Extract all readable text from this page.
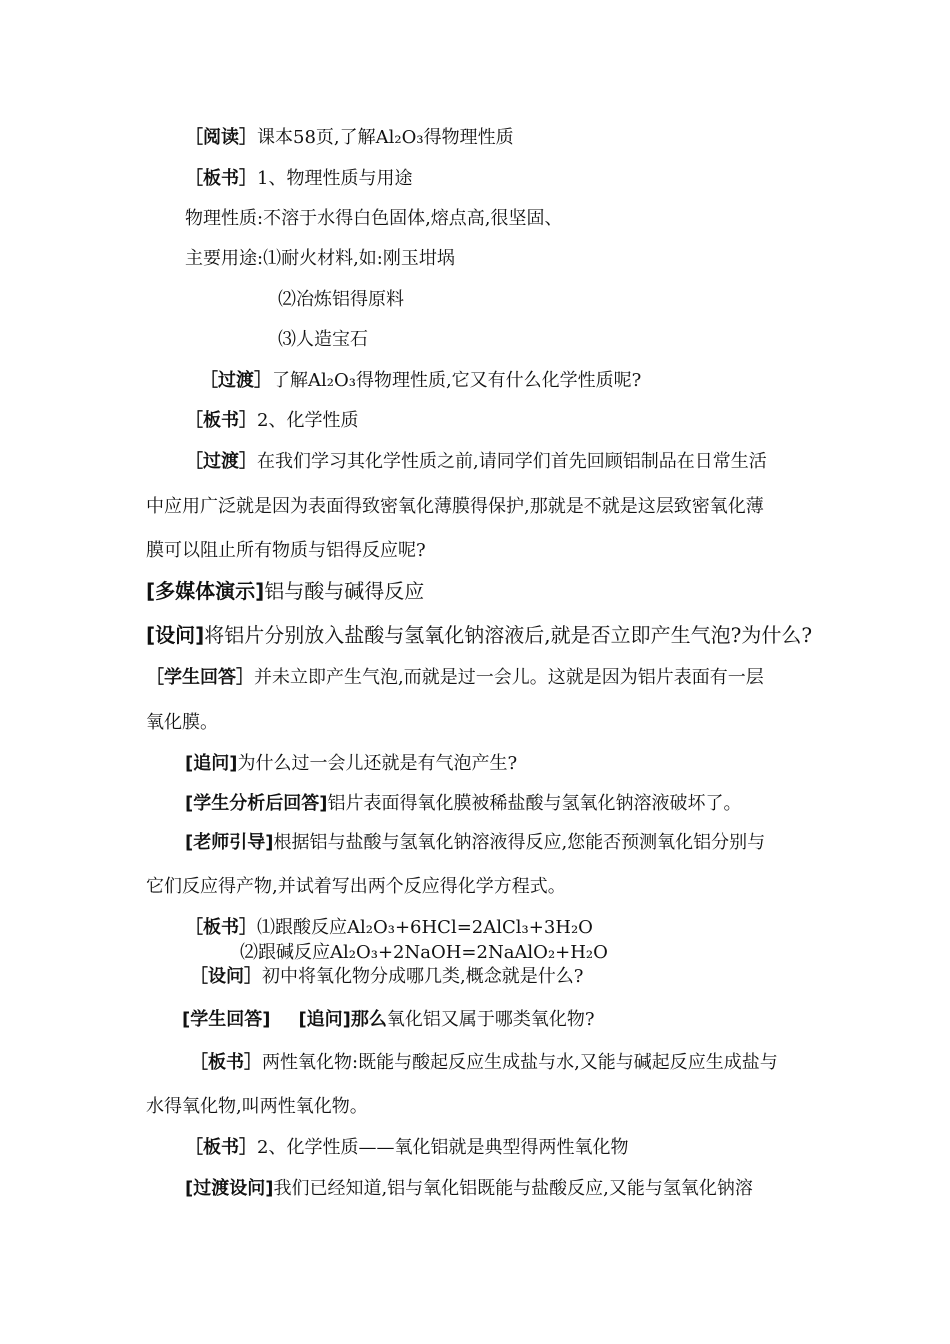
［阅读］课本58页,了解Al₂O₃得物理性质
［板书］1、物理性质与用途
物理性质:不溶于水得白色固体,熔点高,很坚固、
主要用途:⑴耐火材料,如:刚玉坩埚
⑵冶炼铝得原料
⑶人造宝石
［过渡］了解Al₂O₃得物理性质,它又有什么化学性质呢?
［板书］2、化学性质
［过渡］在我们学习其化学性质之前,请同学们首先回顾铝制品在日常生活
中应用广泛就是因为表面得致密氧化薄膜得保护,那就是不就是这层致密氧化薄
膜可以阻止所有物质与铝得反应呢?
[多媒体演示]铝与酸与碱得反应
[设问]将铝片分别放入盐酸与氢氧化钠溶液后,就是否立即产生气泡?为什么?
［学生回答］并未立即产生气泡,而就是过一会儿。这就是因为铝片表面有一层
氧化膜。
[追问]为什么过一会儿还就是有气泡产生?
[学生分析后回答]铝片表面得氧化膜被稀盐酸与氢氧化钠溶液破坏了。
[老师引导]根据铝与盐酸与氢氧化钠溶液得反应,您能否预测氧化铝分别与
它们反应得产物,并试着写出两个反应得化学方程式。
［板书］⑴跟酸反应Al₂O₃+6HCl=2AlCl₃+3H₂O
⑵跟碱反应Al₂O₃+2NaOH=2NaAlO₂+H₂O
［设问］初中将氧化物分成哪几类,概念就是什么?
[学生回答] [追问]那么氧化铝又属于哪类氧化物?
［板书］两性氧化物:既能与酸起反应生成盐与水,又能与碱起反应生成盐与
水得氧化物,叫两性氧化物。
［板书］2、化学性质——氧化铝就是典型得两性氧化物
[过渡设问]我们已经知道,铝与氧化铝既能与盐酸反应,又能与氢氧化钠溶
